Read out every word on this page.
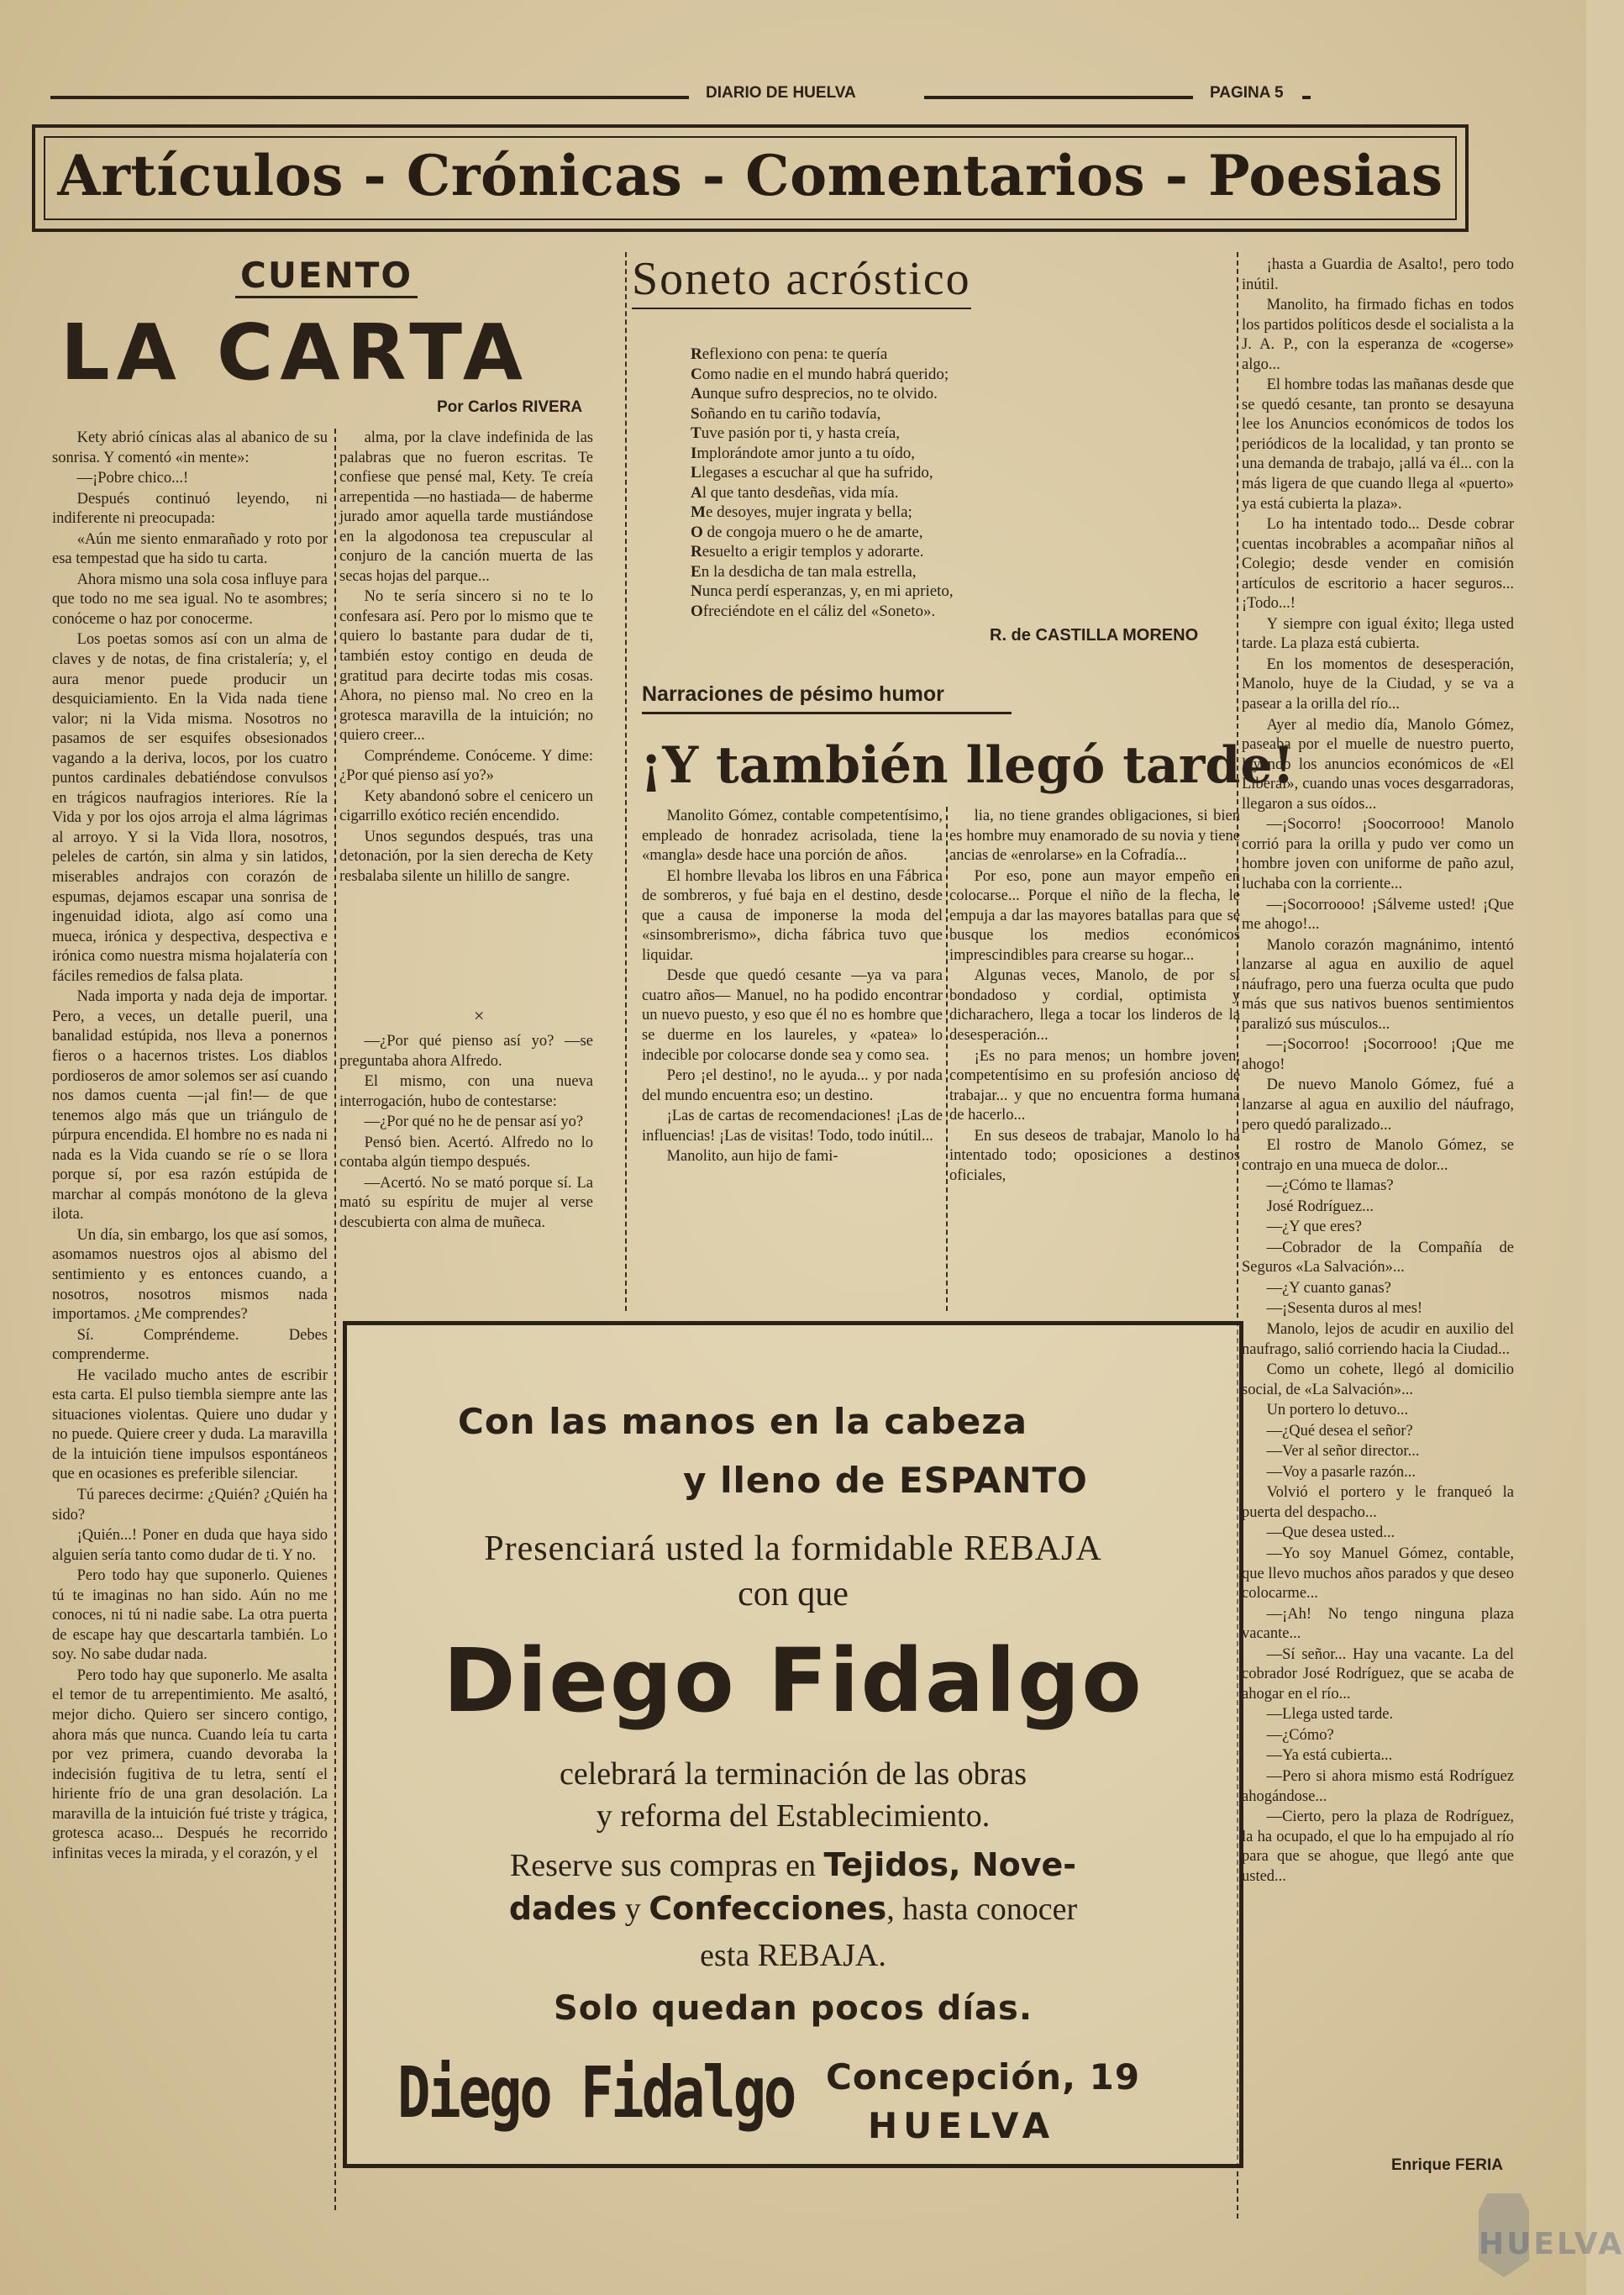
DIARIO DE HUELVA	PAGINA 5
Artículos - Crónicas - Comentarios - Poesias
CUENTO
LA CARTA
Por Carlos RIVERA

Kety abrió cínicas alas al abanico de su sonrisa. Y comentó «in mente»:

—¡Pobre chico...!

Después continuó leyendo, ni indiferente ni preocupada:

«Aún me siento enmarañado y roto por esa tempestad que ha sido tu carta.

Ahora mismo una sola cosa influye para que todo no me sea igual. No te asombres; conóceme o haz por conocerme.

Los poetas somos así con un alma de claves y de notas, de fina cristalería; y, el aura menor puede producir un desquiciamiento. En la Vida nada tiene valor; ni la Vida misma. Nosotros no pasamos de ser esquifes obsesionados vagando a la deriva, locos, por los cuatro puntos cardinales debatiéndose convulsos en trágicos naufragios interiores. Ríe la Vida y por los ojos arroja el alma lágrimas al arroyo. Y si la Vida llora, nosotros, peleles de cartón, sin alma y sin latidos, miserables andrajos con corazón de espumas, dejamos escapar una sonrisa de ingenuidad idiota, algo así como una mueca, irónica y despectiva, despectiva e irónica como nuestra misma hojalatería con fáciles remedios de falsa plata.

Nada importa y nada deja de importar. Pero, a veces, un detalle pueril, una banalidad estúpida, nos lleva a ponernos fieros o a hacernos tristes. Los diablos pordioseros de amor solemos ser así cuando nos damos cuenta —¡al fin!— de que tenemos algo más que un triángulo de púrpura encendida. El hombre no es nada ni nada es la Vida cuando se ríe o se llora porque sí, por esa razón estúpida de marchar al compás monótono de la gleva ilota.

Un día, sin embargo, los que así somos, asomamos nuestros ojos al abismo del sentimiento y es entonces cuando, a nosotros, nosotros mismos nada importamos. ¿Me comprendes?

Sí. Compréndeme. Debes comprenderme.

He vacilado mucho antes de escribir esta carta. El pulso tiembla siempre ante las situaciones violentas. Quiere uno dudar y no puede. Quiere creer y duda. La maravilla de la intuición tiene impulsos espontáneos que en ocasiones es preferible silenciar.

Tú pareces decirme: ¿Quién? ¿Quién ha sido?

¡Quién...! Poner en duda que haya sido alguien sería tanto como dudar de ti. Y no.

Pero todo hay que suponerlo. Quienes tú te imaginas no han sido. Aún no me conoces, ni tú ni nadie sabe. La otra puerta de escape hay que descartarla también. Lo soy. No sabe dudar nada.

Pero todo hay que suponerlo. Me asalta el temor de tu arrepentimiento. Me asaltó, mejor dicho. Quiero ser sincero contigo, ahora más que nunca. Cuando leía tu carta por vez primera, cuando devoraba la indecisión fugitiva de tu letra, sentí el hiriente frío de una gran desolación. La maravilla de la intuición fué triste y trágica, grotesca acaso... Después he recorrido infinitas veces la mirada, y el corazón, y el

alma, por la clave indefinida de las palabras que no fueron escritas. Te confiese que pensé mal, Kety. Te creía arrepentida —no hastiada— de haberme jurado amor aquella tarde mustiándose en la algodonosa tea crepuscular al conjuro de la canción muerta de las secas hojas del parque...

No te sería sincero si no te lo confesara así. Pero por lo mismo que te quiero lo bastante para dudar de ti, también estoy contigo en deuda de gratitud para decirte todas mis cosas. Ahora, no pienso mal. No creo en la grotesca maravilla de la intuición; no quiero creer...

Compréndeme. Conóceme. Y dime: ¿Por qué pienso así yo?»

Kety abandonó sobre el cenicero un cigarrillo exótico recién encendido.

Unos segundos después, tras una detonación, por la sien derecha de Kety resbalaba silente un hilillo de sangre.

×

—¿Por qué pienso así yo? —se preguntaba ahora Alfredo.

El mismo, con una nueva interrogación, hubo de contestarse:

—¿Por qué no he de pensar así yo?

Pensó bien. Acertó. Alfredo no lo contaba algún tiempo después.

—Acertó. No se mató porque sí. La mató su espíritu de mujer al verse descubierta con alma de muñeca.

Soneto acróstico
Reflexiono con pena: te quería
Como nadie en el mundo habrá querido;
Aunque sufro desprecios, no te olvido.
Soñando en tu cariño todavía,
Tuve pasión por ti, y hasta creía,
Implorándote amor junto a tu oído,
Llegases a escuchar al que ha sufrido,
Al que tanto desdeñas, vida mía.
Me desoyes, mujer ingrata y bella;
O de congoja muero o he de amarte,
Resuelto a erigir templos y adorarte.
En la desdicha de tan mala estrella,
Nunca perdí esperanzas, y, en mi aprieto,
Ofreciéndote en el cáliz del «Soneto».
R. de CASTILLA MORENO
Narraciones de pésimo humor
¡Y también llegó tarde!

Manolito Gómez, contable competentísimo, empleado de honradez acrisolada, tiene la «mangla» desde hace una porción de años.

El hombre llevaba los libros en una Fábrica de sombreros, y fué baja en el destino, desde que a causa de imponerse la moda del «sinsombrerismo», dicha fábrica tuvo que liquidar.

Desde que quedó cesante —ya va para cuatro años— Manuel, no ha podido encontrar un nuevo puesto, y eso que él no es hombre que se duerme en los laureles, y «patea» lo indecible por colocarse donde sea y como sea.

Pero ¡el destino!, no le ayuda... y por nada del mundo encuentra eso; un destino.

¡Las de cartas de recomendaciones! ¡Las de influencias! ¡Las de visitas! Todo, todo inútil...

Manolito, aun hijo de fami-

lia, no tiene grandes obligaciones, si bien es hombre muy enamorado de su novia y tiene ancias de «enrolarse» en la Cofradía...

Por eso, pone aun mayor empeño en colocarse... Porque el niño de la flecha, le empuja a dar las mayores batallas para que se busque los medios económicos imprescindibles para crearse su hogar...

Algunas veces, Manolo, de por sí bondadoso y cordial, optimista y dicharachero, llega a tocar los linderos de la desesperación...

¡Es no para menos; un hombre joven, competentísimo en su profesión ancioso de trabajar... y que no encuentra forma humana de hacerlo...

En sus deseos de trabajar, Manolo lo ha intentado todo; oposiciones a destinos oficiales,

¡hasta a Guardia de Asalto!, pero todo inútil.

Manolito, ha firmado fichas en todos los partidos políticos desde el socialista a la J. A. P., con la esperanza de «cogerse» algo...

El hombre todas las mañanas desde que se quedó cesante, tan pronto se desayuna lee los Anuncios económicos de todos los periódicos de la localidad, y tan pronto se una demanda de trabajo, ¡allá va él... con la más ligera de que cuando llega al «puerto» ya está cubierta la plaza».

Lo ha intentado todo... Desde cobrar cuentas incobrables a acompañar niños al Colegio; desde vender en comisión artículos de escritorio a hacer seguros... ¡Todo...!

Y siempre con igual éxito; llega usted tarde. La plaza está cubierta.

En los momentos de desesperación, Manolo, huye de la Ciudad, y se va a pasear a la orilla del río...

Ayer al medio día, Manolo Gómez, paseaba por el muelle de nuestro puerto, leyendo los anuncios económicos de «El Liberal», cuando unas voces desgarradoras, llegaron a sus oídos...

—¡Socorro! ¡Soocorrooo! Manolo corrió para la orilla y pudo ver como un hombre joven con uniforme de paño azul, luchaba con la corriente...

—¡Socorroooo! ¡Sálveme usted! ¡Que me ahogo!...

Manolo corazón magnánimo, intentó lanzarse al agua en auxilio de aquel náufrago, pero una fuerza oculta que pudo más que sus nativos buenos sentimientos paralizó sus músculos...

—¡Socorroo! ¡Socorrooo! ¡Que me ahogo!

De nuevo Manolo Gómez, fué a lanzarse al agua en auxilio del náufrago, pero quedó paralizado...

El rostro de Manolo Gómez, se contrajo en una mueca de dolor...

—¿Cómo te llamas?

José Rodríguez...

—¿Y que eres?

—Cobrador de la Compañía de Seguros «La Salvación»...

—¿Y cuanto ganas?

—¡Sesenta duros al mes!

Manolo, lejos de acudir en auxilio del naufrago, salió corriendo hacia la Ciudad...

Como un cohete, llegó al domicilio social, de «La Salvación»...

Un portero lo detuvo...

—¿Qué desea el señor?

—Ver al señor director...

—Voy a pasarle razón...

Volvió el portero y le franqueó la puerta del despacho...

—Que desea usted...

—Yo soy Manuel Gómez, contable, que llevo muchos años parados y que deseo colocarme...

—¡Ah! No tengo ninguna plaza vacante...

—Sí señor... Hay una vacante. La del cobrador José Rodríguez, que se acaba de ahogar en el río...

—Llega usted tarde.

—¿Cómo?

—Ya está cubierta...

—Pero si ahora mismo está Rodríguez ahogándose...

—Cierto, pero la plaza de Rodríguez, la ha ocupado, el que lo ha empujado al río para que se ahogue, que llegó ante que usted...

Con las manos en la cabeza
y lleno de ESPANTO
Presenciará usted la formidable REBAJA
con que
Diego Fidalgo
celebrará la terminación de las obras
y reforma del Establecimiento.
Reserve sus compras en Tejidos, Nove-
dades y Confecciones, hasta conocer
esta REBAJA.
Solo quedan pocos días.
Diego Fidalgo Concepción, 19
HUELVA
Enrique FERIA
HUELVA
